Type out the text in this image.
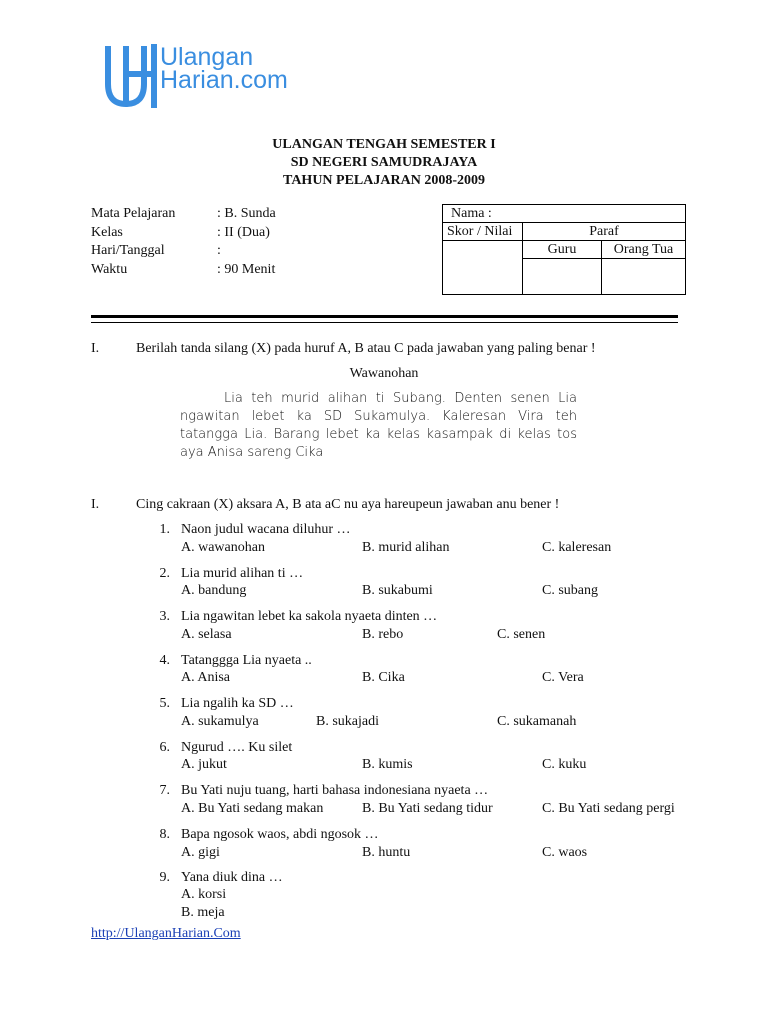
Ulangan
Harian.com
ULANGAN TENGAH SEMESTER I
SD NEGERI SAMUDRAJAYA
TAHUN PELAJARAN 2008-2009
Mata Pelajaran	: B. Sunda
Kelas	: II (Dua)
Hari/Tanggal	:
Waktu	: 90 Menit
Nama :		
Skor / Nilai	Paraf	
	Guru	Orang Tua

I.	Berilah tanda silang (X) pada huruf A, B atau C pada jawaban yang paling benar !
Wawanohan

Lia teh murid alihan ti Subang. Denten senen Lia ngawitan lebet ka SD Sukamulya. Kaleresan Vira teh tatangga Lia. Barang lebet ka kelas kasampak di kelas tos aya Anisa sareng Cika

I.	Cing cakraan (X) aksara A, B ata aC nu aya hareupeun jawaban anu bener !
1. Naon judul wacana diluhur …
A. wawanohan	B. murid alihan	C. kaleresan
2. Lia murid alihan ti …
A. bandung	B. sukabumi	C. subang
3. Lia ngawitan lebet ka sakola nyaeta dinten …
A. selasa	B. rebo	C. senen
4. Tatanggga Lia nyaeta ..
A. Anisa	B. Cika	C. Vera
5. Lia ngalih ka SD …
A. sukamulya	B. sukajadi	C. sukamanah
6. Ngurud …. Ku silet
A. jukut	B. kumis	C. kuku
7. Bu Yati nuju tuang, harti bahasa indonesiana nyaeta …
A. Bu Yati sedang makan	B. Bu Yati sedang tidur	C. Bu Yati sedang pergi
8. Bapa ngosok waos, abdi ngosok …
A. gigi	B. huntu	C. waos
9. Yana diuk dina …
A. korsi
B. meja
http://UlanganHarian.Com
